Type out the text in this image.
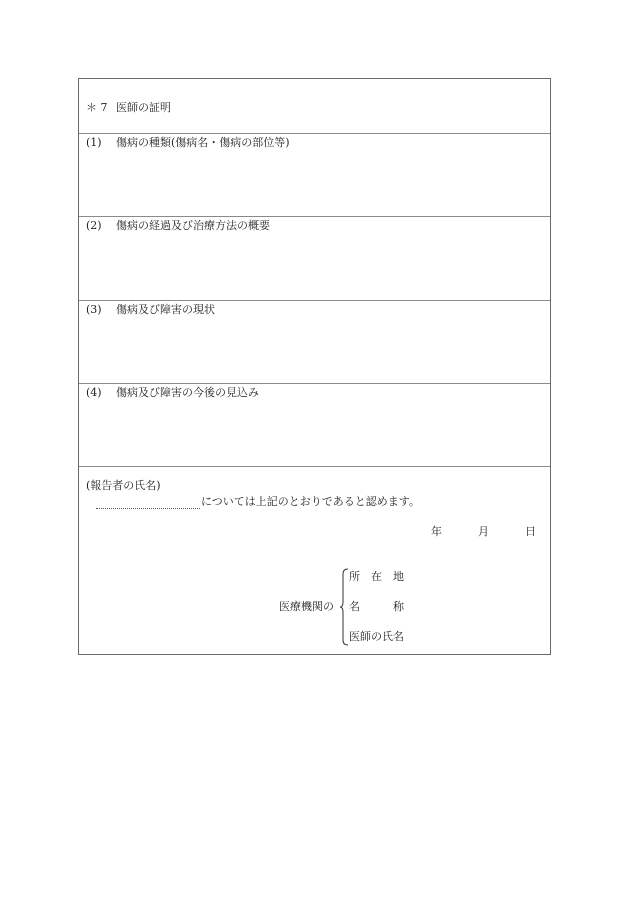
＊ 7 医師の証明
(1) 傷病の種類(傷病名・傷病の部位等)
(2) 傷病の経過及び治療方法の概要
(3) 傷病及び障害の現状
(4) 傷病及び障害の今後の見込み
(報告者の氏名)
については上記のとおりであると認めます。
年	月	日
医療機関の
所　在　地
名　　　称
医師の氏名
